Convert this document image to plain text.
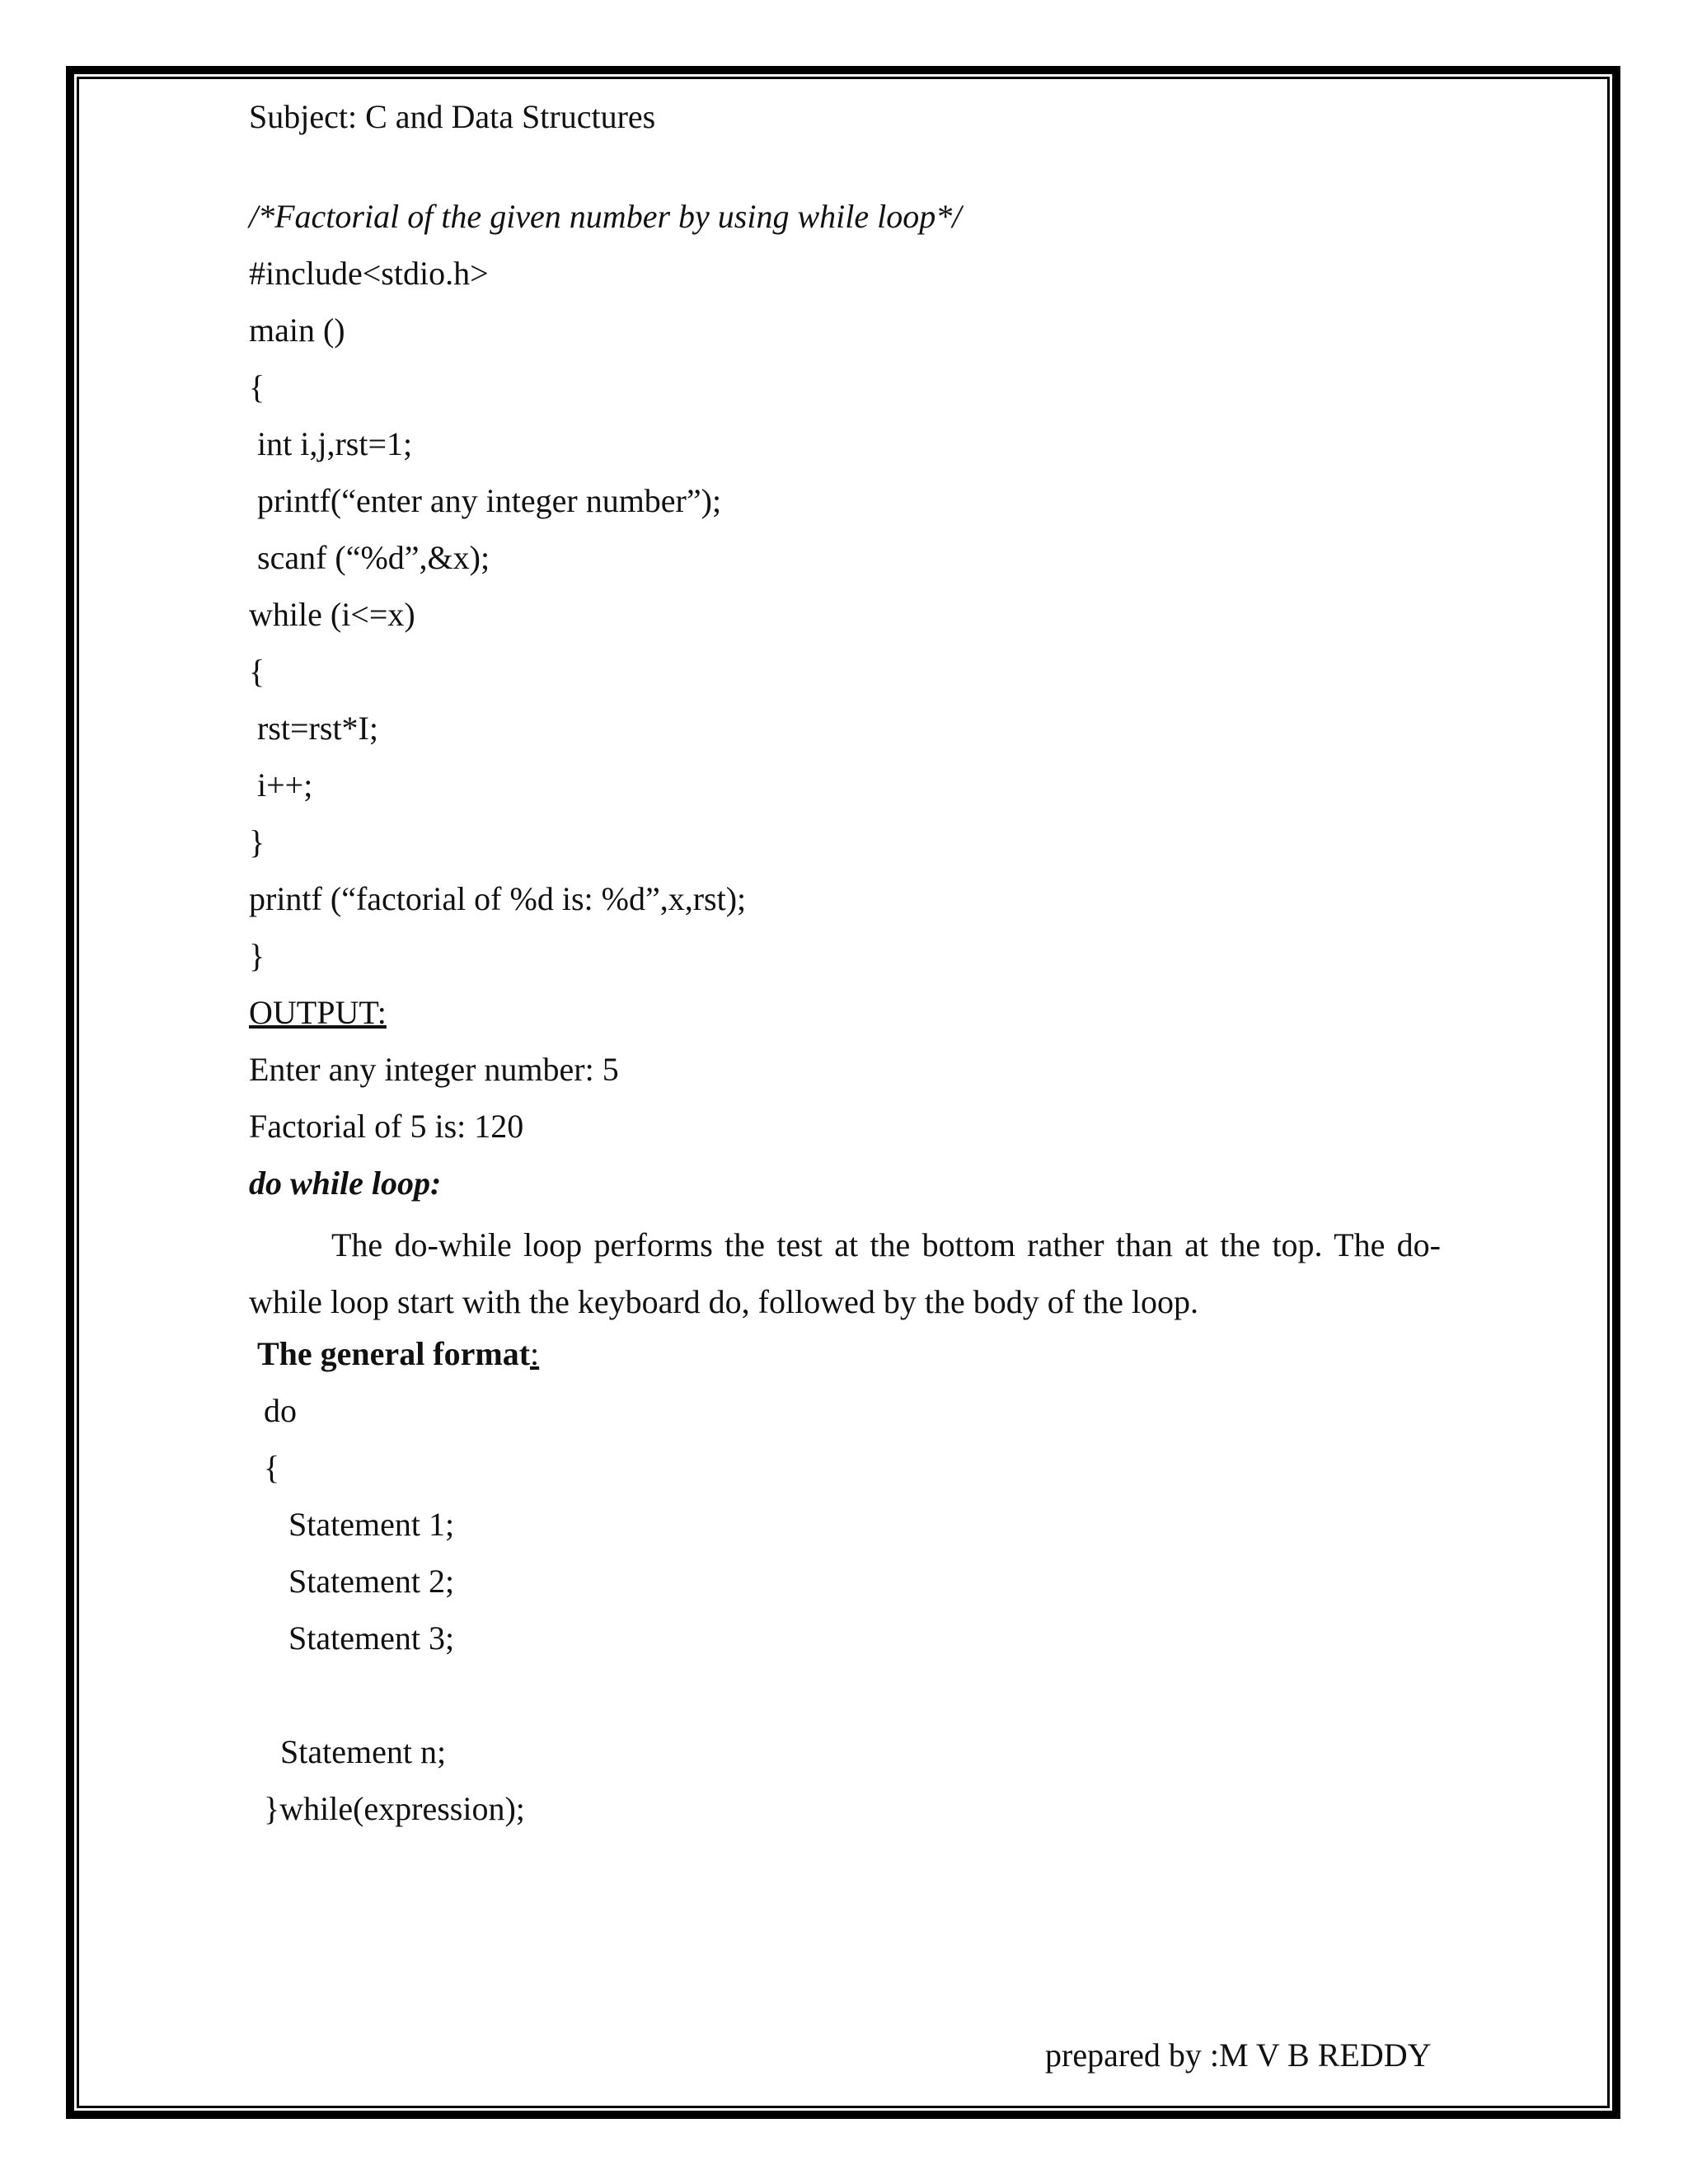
Subject: C and Data Structures
/*Factorial of the given number by using while loop*/
#include<stdio.h>
main ()
{
int i,j,rst=1;
printf(“enter any integer number”);
scanf (“%d”,&x);
while (i<=x)
{
rst=rst*I;
i++;
}
printf (“factorial of %d is: %d”,x,rst);
}
OUTPUT:
Enter any integer number: 5
Factorial of 5 is: 120
do while loop:
The do-while loop performs the test at the bottom rather than at the top. The do-
while loop start with the keyboard do, followed by the body of the loop.
The general format:
do
{
Statement 1;
Statement 2;
Statement 3;
Statement n;
}while(expression);
prepared by :M V B REDDY
